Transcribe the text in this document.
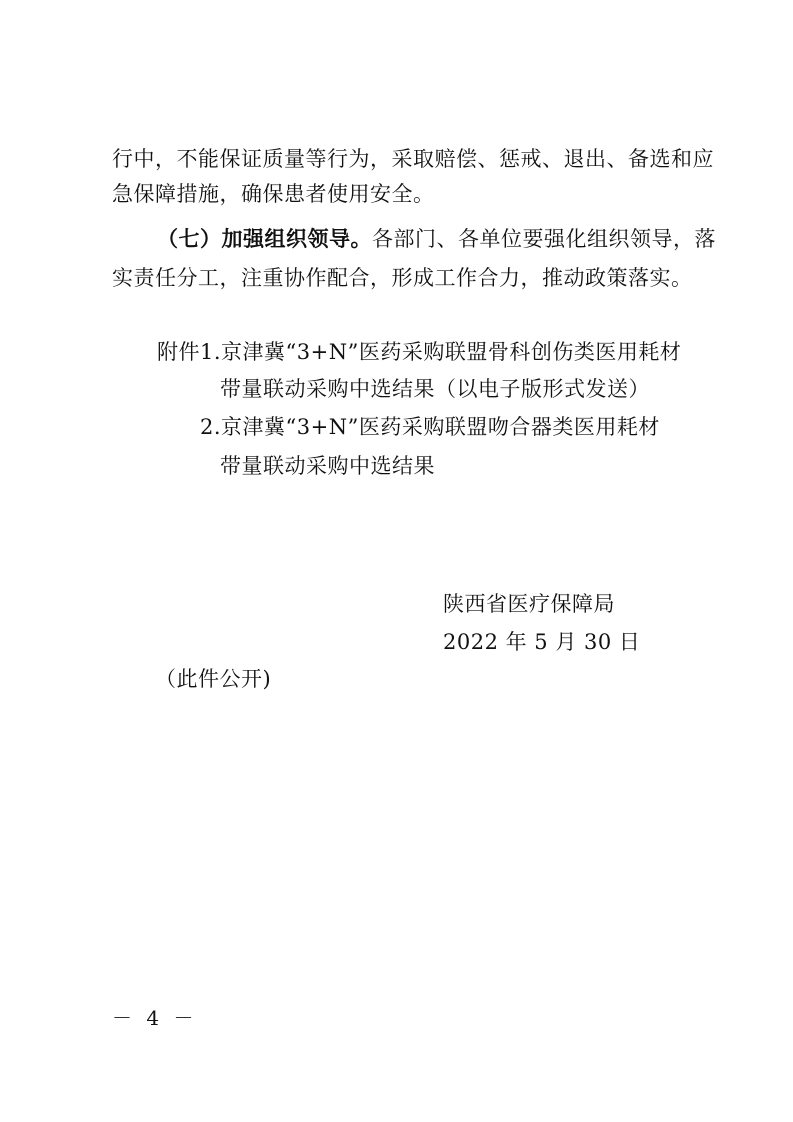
行中，不能保证质量等行为，采取赔偿、惩戒、退出、备选和应
急保障措施，确保患者使用安全。
（七）加强组织领导。各部门、各单位要强化组织领导，落
实责任分工，注重协作配合，形成工作合力，推动政策落实。
附件1.京津冀“3+N”医药采购联盟骨科创伤类医用耗材
带量联动采购中选结果（以电子版形式发送）
2.京津冀“3+N”医药采购联盟吻合器类医用耗材
带量联动采购中选结果
陕西省医疗保障局
2022 年 5 月 30 日
（此件公开)
－ 4 －
